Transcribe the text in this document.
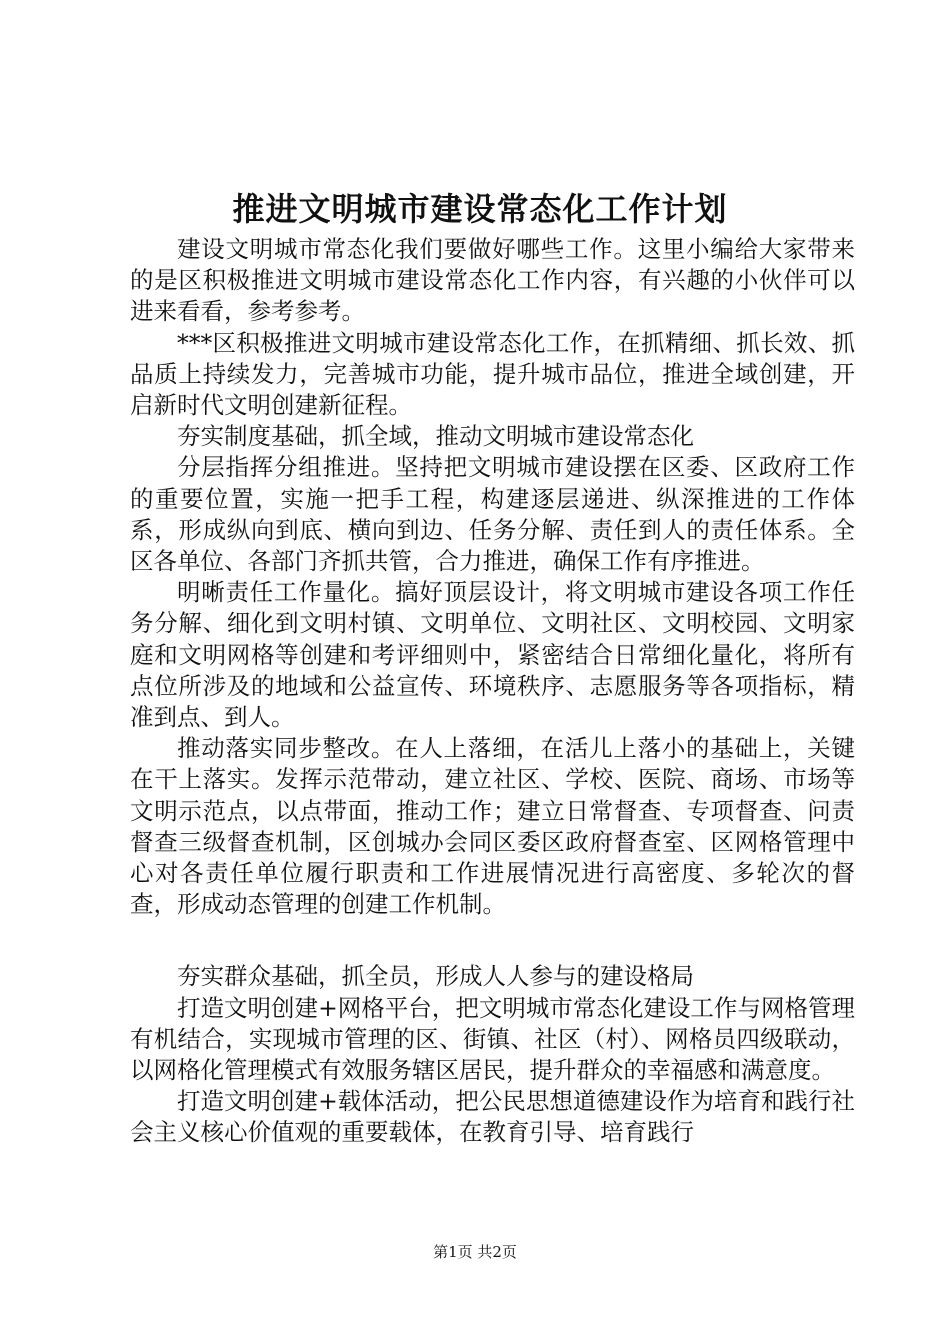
推进文明城市建设常态化工作计划

建设文明城市常态化我们要做好哪些工作。这里小编给大家带来的是区积极推进文明城市建设常态化工作内容，有兴趣的小伙伴可以进来看看，参考参考。

***区积极推进文明城市建设常态化工作，在抓精细、抓长效、抓品质上持续发力，完善城市功能，提升城市品位，推进全域创建，开启新时代文明创建新征程。

夯实制度基础，抓全域，推动文明城市建设常态化

分层指挥分组推进。坚持把文明城市建设摆在区委、区政府工作的重要位置，实施一把手工程，构建逐层递进、纵深推进的工作体系，形成纵向到底、横向到边、任务分解、责任到人的责任体系。全区各单位、各部门齐抓共管，合力推进，确保工作有序推进。

明晰责任工作量化。搞好顶层设计，将文明城市建设各项工作任务分解、细化到文明村镇、文明单位、文明社区、文明校园、文明家庭和文明网格等创建和考评细则中，紧密结合日常细化量化，将所有点位所涉及的地域和公益宣传、环境秩序、志愿服务等各项指标，精准到点、到人。

推动落实同步整改。在人上落细，在活儿上落小的基础上，关键在干上落实。发挥示范带动，建立社区、学校、医院、商场、市场等文明示范点，以点带面，推动工作；建立日常督查、专项督查、问责督查三级督查机制，区创城办会同区委区政府督查室、区网格管理中心对各责任单位履行职责和工作进展情况进行高密度、多轮次的督查，形成动态管理的创建工作机制。

夯实群众基础，抓全员，形成人人参与的建设格局

打造文明创建+网格平台，把文明城市常态化建设工作与网格管理有机结合，实现城市管理的区、街镇、社区（村）、网格员四级联动，以网格化管理模式有效服务辖区居民，提升群众的幸福感和满意度。

打造文明创建+载体活动，把公民思想道德建设作为培育和践行社会主义核心价值观的重要载体，在教育引导、培育践行

第1页 共2页
